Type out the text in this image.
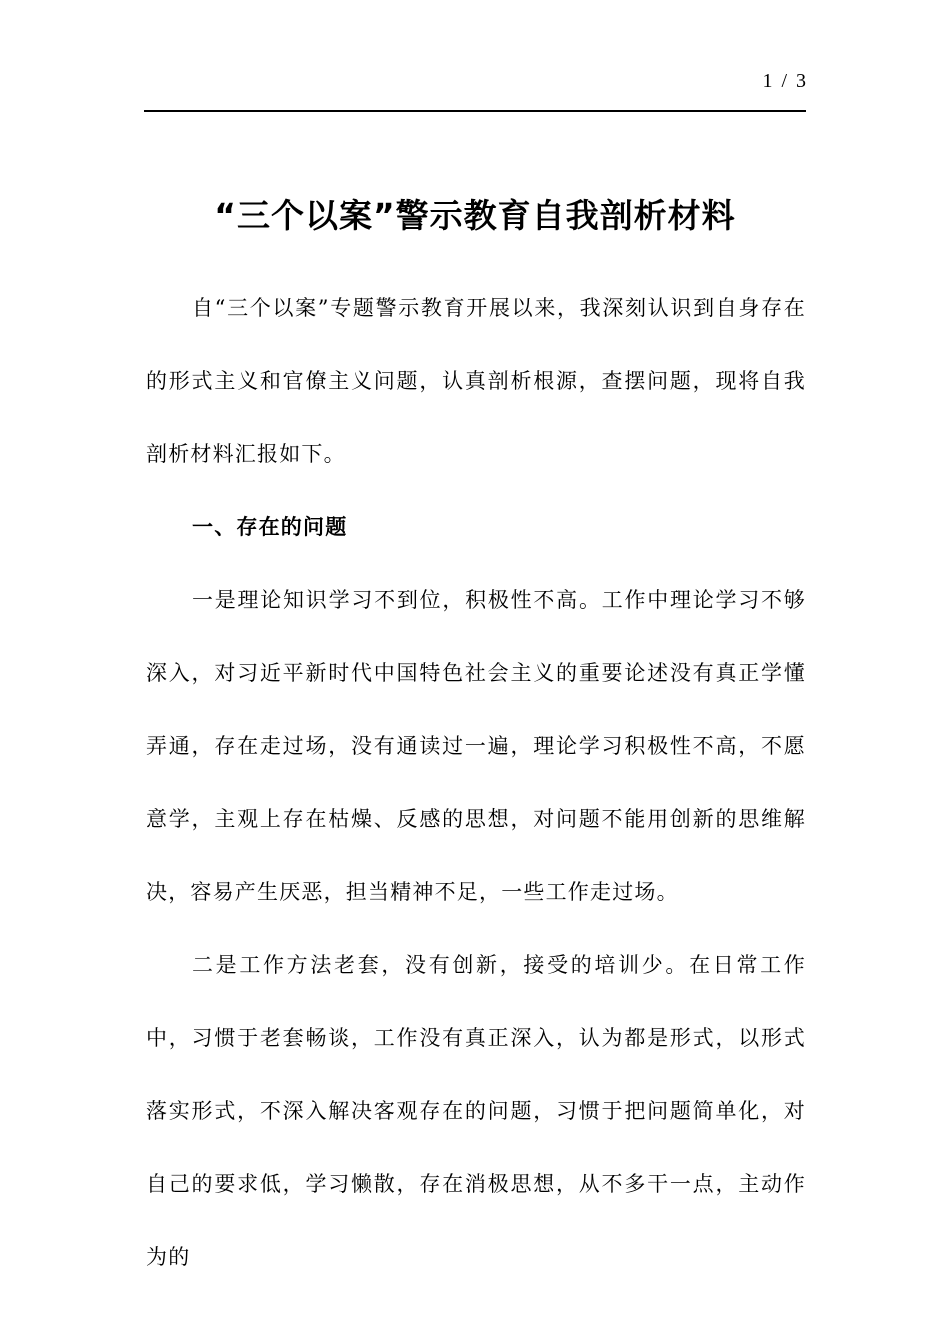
1 / 3
“三个以案”警示教育自我剖析材料

自“三个以案”专题警示教育开展以来，我深刻认识到自身存在的形式主义和官僚主义问题，认真剖析根源，查摆问题，现将自我剖析材料汇报如下。

一、存在的问题

一是理论知识学习不到位，积极性不高。工作中理论学习不够深入，对习近平新时代中国特色社会主义的重要论述没有真正学懂弄通，存在走过场，没有通读过一遍，理论学习积极性不高，不愿意学，主观上存在枯燥、反感的思想，对问题不能用创新的思维解决，容易产生厌恶，担当精神不足，一些工作走过场。

二是工作方法老套，没有创新，接受的培训少。在日常工作中，习惯于老套畅谈，工作没有真正深入，认为都是形式，以形式落实形式，不深入解决客观存在的问题，习惯于把问题简单化，对自己的要求低，学习懒散，存在消极思想，从不多干一点，主动作为的
